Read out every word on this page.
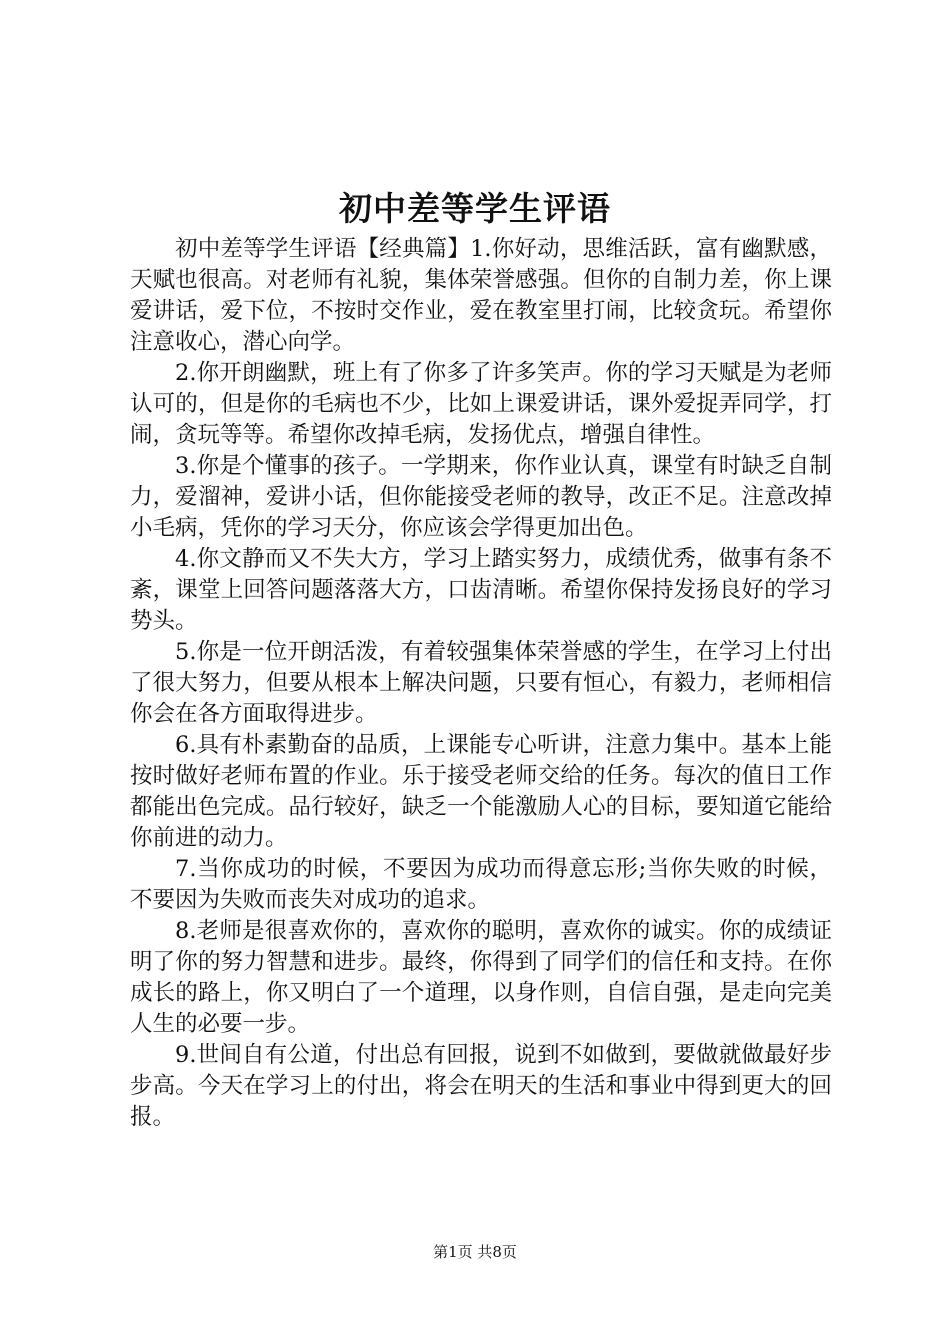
初中差等学生评语

初中差等学生评语【经典篇】1.你好动，思维活跃，富有幽默感，天赋也很高。对老师有礼貌，集体荣誉感强。但你的自制力差，你上课爱讲话，爱下位，不按时交作业，爱在教室里打闹，比较贪玩。希望你注意收心，潜心向学。

2.你开朗幽默，班上有了你多了许多笑声。你的学习天赋是为老师认可的，但是你的毛病也不少，比如上课爱讲话，课外爱捉弄同学，打闹，贪玩等等。希望你改掉毛病，发扬优点，增强自律性。

3.你是个懂事的孩子。一学期来，你作业认真，课堂有时缺乏自制力，爱溜神，爱讲小话，但你能接受老师的教导，改正不足。注意改掉小毛病，凭你的学习天分，你应该会学得更加出色。

4.你文静而又不失大方，学习上踏实努力，成绩优秀，做事有条不紊，课堂上回答问题落落大方，口齿清晰。希望你保持发扬良好的学习势头。

5.你是一位开朗活泼，有着较强集体荣誉感的学生，在学习上付出了很大努力，但要从根本上解决问题，只要有恒心，有毅力，老师相信你会在各方面取得进步。

6.具有朴素勤奋的品质，上课能专心听讲，注意力集中。基本上能按时做好老师布置的作业。乐于接受老师交给的任务。每次的值日工作都能出色完成。品行较好，缺乏一个能激励人心的目标，要知道它能给你前进的动力。

7.当你成功的时候，不要因为成功而得意忘形;当你失败的时候，不要因为失败而丧失对成功的追求。

8.老师是很喜欢你的，喜欢你的聪明，喜欢你的诚实。你的成绩证明了你的努力智慧和进步。最终，你得到了同学们的信任和支持。在你成长的路上，你又明白了一个道理，以身作则，自信自强，是走向完美人生的必要一步。

9.世间自有公道，付出总有回报，说到不如做到，要做就做最好步步高。今天在学习上的付出，将会在明天的生活和事业中得到更大的回报。

第1页 共8页
